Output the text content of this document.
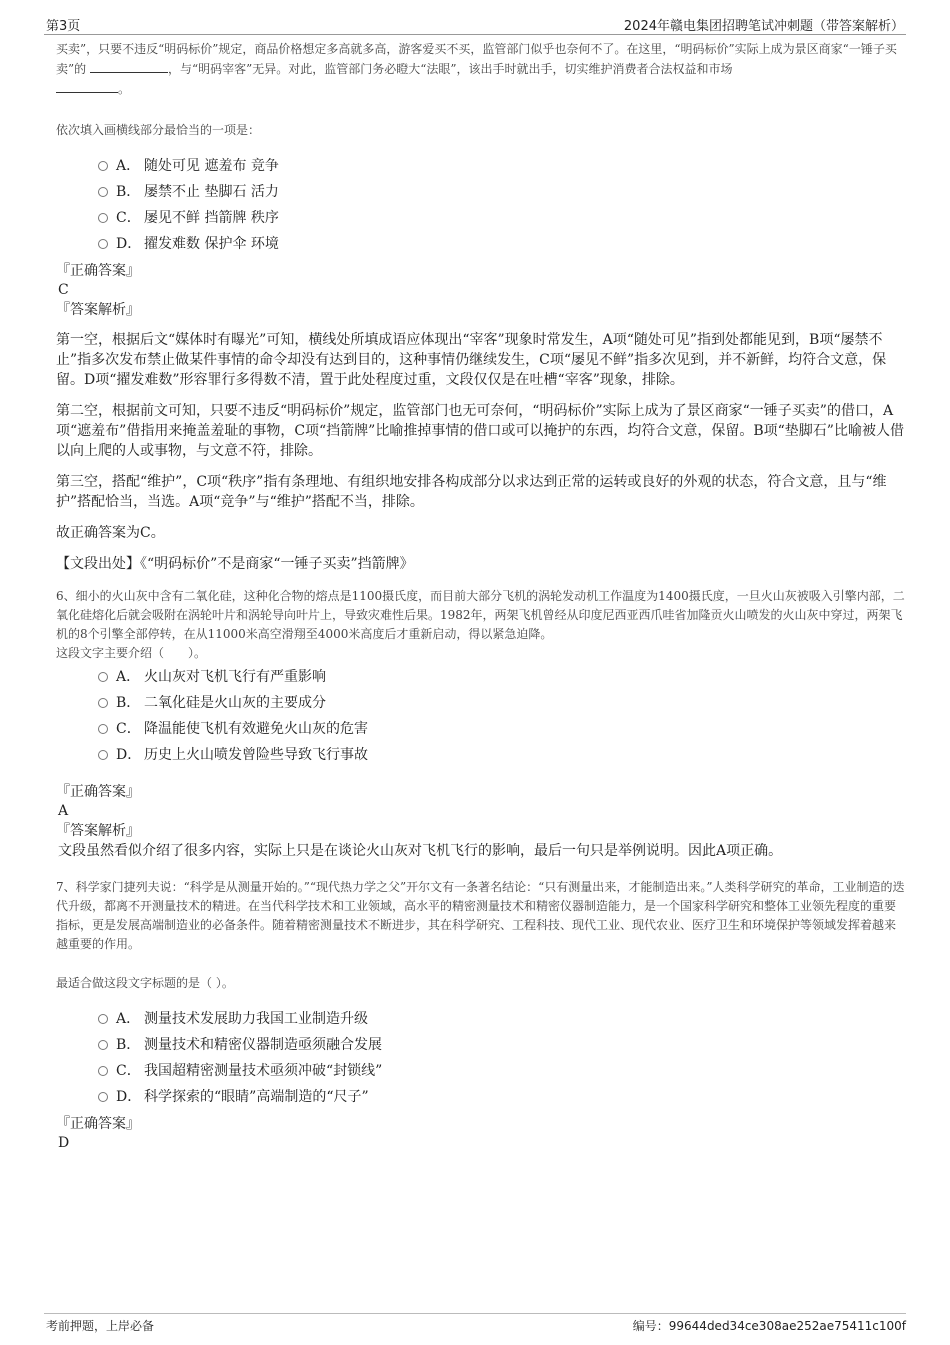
第3页	2024年赣电集团招聘笔试冲刺题（带答案解析）

买卖”，只要不违反“明码标价”规定，商品价格想定多高就多高，游客爱买不买，监管部门似乎也奈何不了。在这里，“明码标价”实际上成为景区商家“一锤子买卖”的	，与“明码宰客”无异。对此，监管部门务必瞪大“法眼”，该出手时就出手，切实维护消费者合法权益和市场
。

依次填入画横线部分最恰当的一项是：

A． 随处可见 遮羞布 竞争
B． 屡禁不止 垫脚石 活力
C． 屡见不鲜 挡箭牌 秩序
D． 擢发难数 保护伞 环境

『正确答案』

C

『答案解析』

第一空，根据后文“媒体时有曝光”可知，横线处所填成语应体现出“宰客”现象时常发生，A项“随处可见”指到处都能见到，B项“屡禁不止”指多次发布禁止做某件事情的命令却没有达到目的，这种事情仍继续发生，C项“屡见不鲜”指多次见到，并不新鲜，均符合文意，保留。D项“擢发难数”形容罪行多得数不清，置于此处程度过重，文段仅仅是在吐槽“宰客”现象，排除。

第二空，根据前文可知，只要不违反“明码标价”规定，监管部门也无可奈何，“明码标价”实际上成为了景区商家“一锤子买卖”的借口，A项“遮羞布”借指用来掩盖羞耻的事物，C项“挡箭牌”比喻推掉事情的借口或可以掩护的东西，均符合文意，保留。B项“垫脚石”比喻被人借以向上爬的人或事物，与文意不符，排除。

第三空，搭配“维护”，C项“秩序”指有条理地、有组织地安排各构成部分以求达到正常的运转或良好的外观的状态，符合文意，且与“维护”搭配恰当，当选。A项“竞争”与“维护”搭配不当，排除。

故正确答案为C。

【文段出处】《“明码标价”不是商家“一锤子买卖”挡箭牌》

6、细小的火山灰中含有二氧化硅，这种化合物的熔点是1100摄氏度，而目前大部分飞机的涡轮发动机工作温度为1400摄氏度，一旦火山灰被吸入引擎内部，二氧化硅熔化后就会吸附在涡轮叶片和涡轮导向叶片上，导致灾难性后果。1982年，两架飞机曾经从印度尼西亚西爪哇省加隆贡火山喷发的火山灰中穿过，两架飞机的8个引擎全部停转，在从11000米高空滑翔至4000米高度后才重新启动，得以紧急迫降。

这段文字主要介绍（　　）。

A． 火山灰对飞机飞行有严重影响
B． 二氧化硅是火山灰的主要成分
C． 降温能使飞机有效避免火山灰的危害
D． 历史上火山喷发曾险些导致飞行事故

『正确答案』

A

『答案解析』

文段虽然看似介绍了很多内容，实际上只是在谈论火山灰对飞机飞行的影响，最后一句只是举例说明。因此A项正确。

7、科学家门捷列夫说：“科学是从测量开始的。”“现代热力学之父”开尔文有一条著名结论：“只有测量出来，才能制造出来。”人类科学研究的革命，工业制造的迭代升级，都离不开测量技术的精进。在当代科学技术和工业领域，高水平的精密测量技术和精密仪器制造能力，是一个国家科学研究和整体工业领先程度的重要指标，更是发展高端制造业的必备条件。随着精密测量技术不断进步，其在科学研究、工程科技、现代工业、现代农业、医疗卫生和环境保护等领域发挥着越来越重要的作用。

最适合做这段文字标题的是（ ）。

A． 测量技术发展助力我国工业制造升级
B． 测量技术和精密仪器制造亟须融合发展
C． 我国超精密测量技术亟须冲破“封锁线”
D． 科学探索的“眼睛”高端制造的“尺子”

『正确答案』

D

考前押题，上岸必备	编号：99644ded34ce308ae252ae75411c100f
